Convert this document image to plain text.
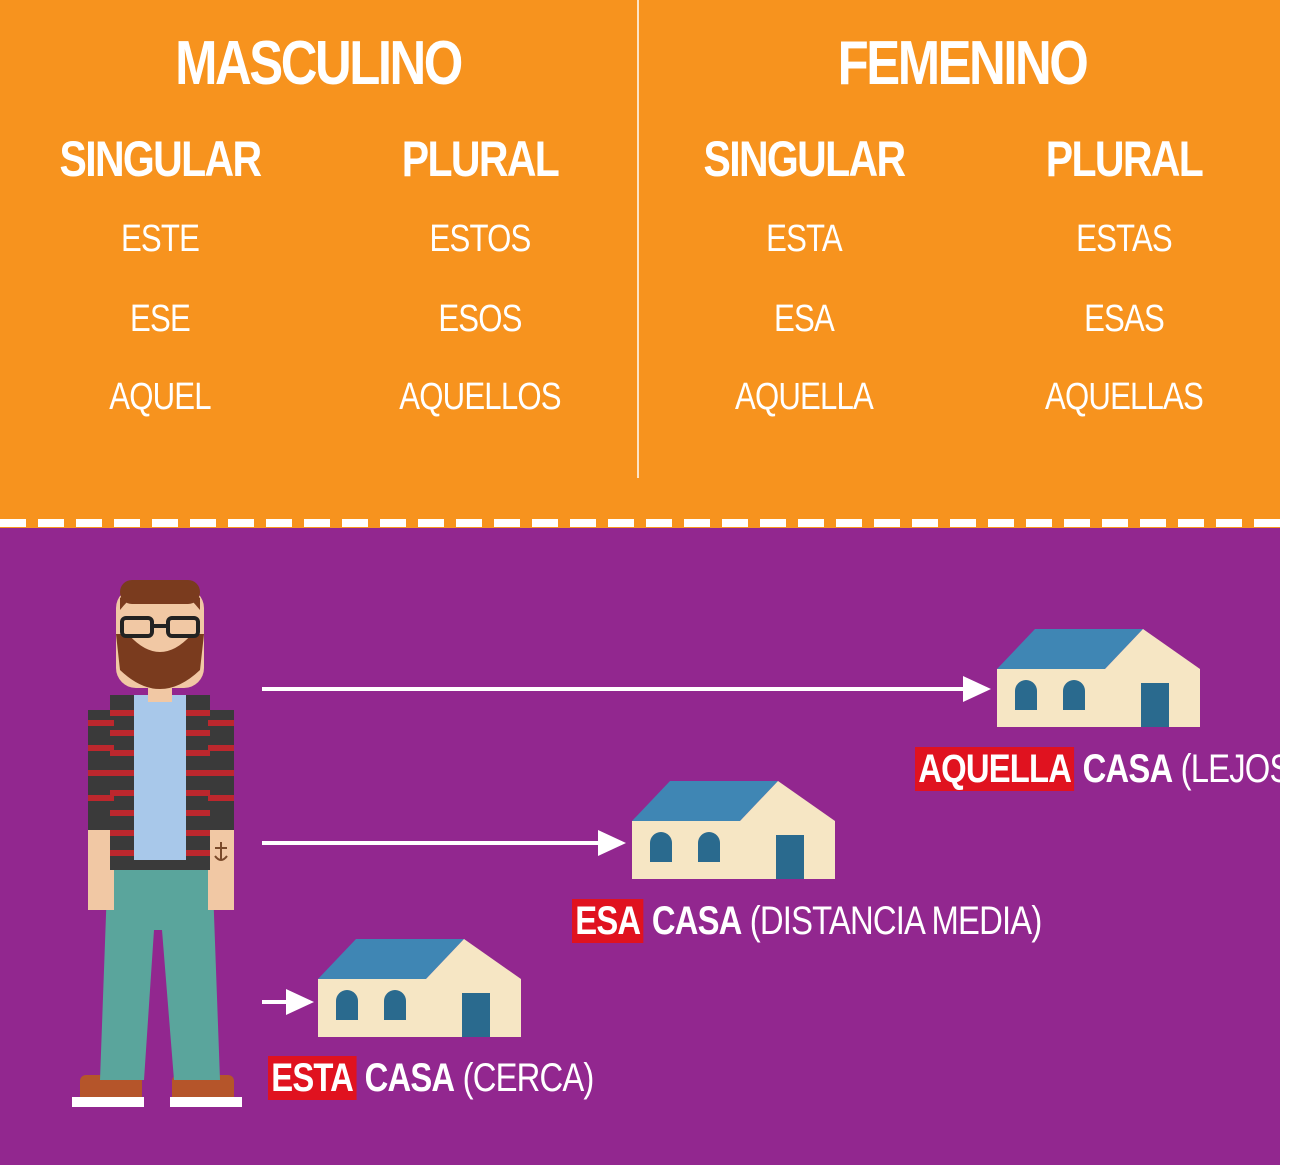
MASCULINO
SINGULAR	PLURAL
ESTE
ESE
AQUEL
ESTOS
ESOS
AQUELLOS
FEMENINO
SINGULAR	PLURAL
ESTA
ESA
AQUELLA
ESTAS
ESAS
AQUELLAS
AQUELLA CASA (LEJOS)
ESA CASA (DISTANCIA MEDIA)
ESTA CASA (CERCA)
